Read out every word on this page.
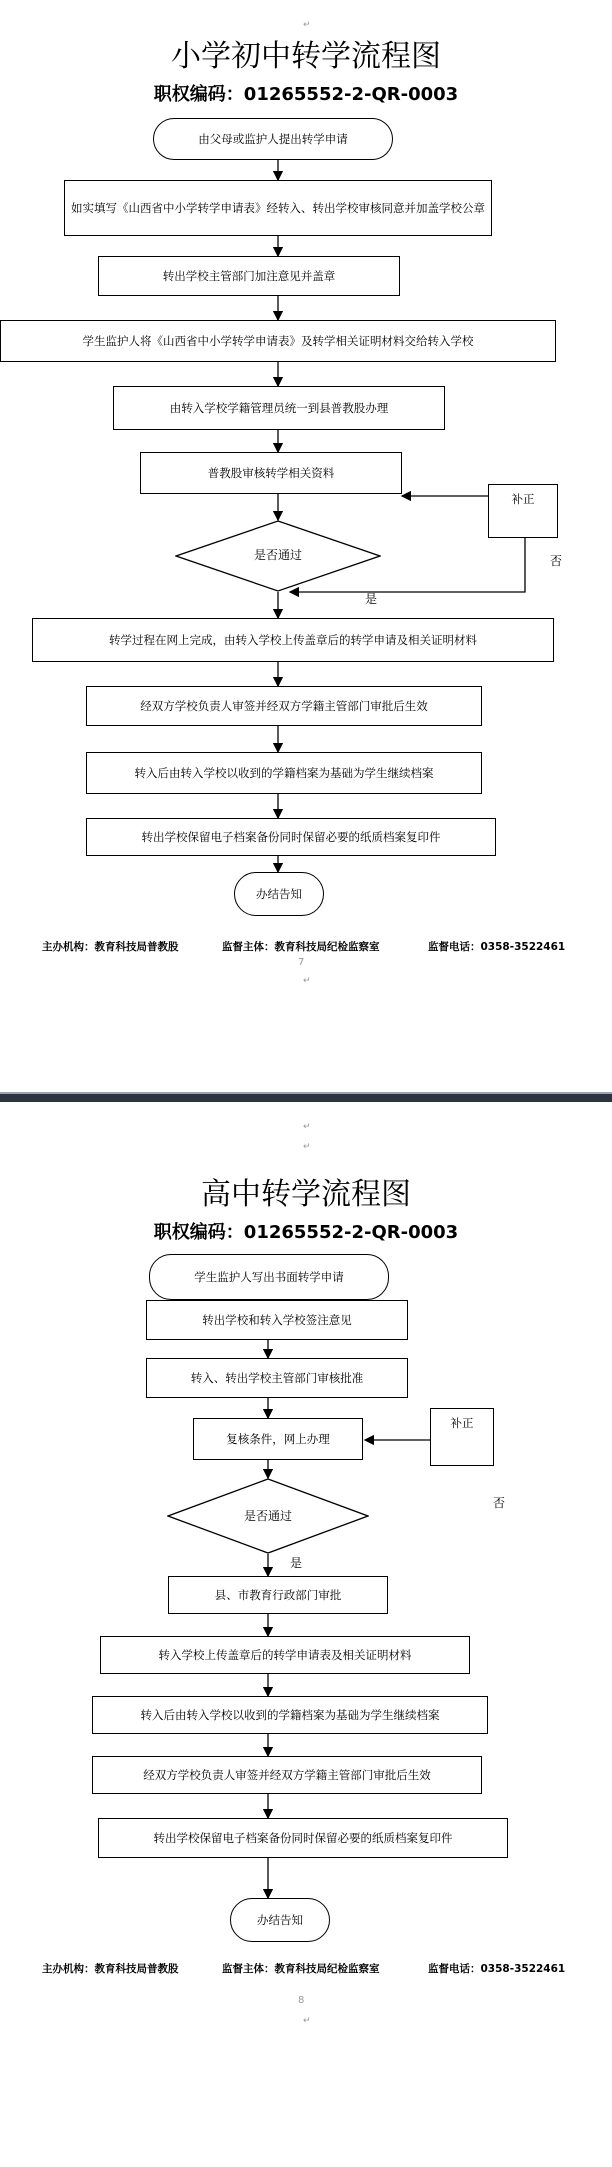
↵
小学初中转学流程图
职权编码：01265552-2-QR-0003
由父母或监护人提出转学申请
如实填写《山西省中小学转学申请表》经转入、转出学校审核同意并加盖学校公章
转出学校主管部门加注意见并盖章
学生监护人将《山西省中小学转学申请表》及转学相关证明材料交给转入学校
由转入学校学籍管理员统一到县普教股办理
普教股审核转学相关资料
是否通过
补正
否
是
转学过程在网上完成，由转入学校上传盖章后的转学申请及相关证明材料
经双方学校负责人审签并经双方学籍主管部门审批后生效
转入后由转入学校以收到的学籍档案为基础为学生继续档案
转出学校保留电子档案备份同时保留必要的纸质档案复印件
办结告知
主办机构：教育科技局普教股	监督主体：教育科技局纪检监察室	监督电话：0358-3522461
7
↵
↵
↵
高中转学流程图
职权编码：01265552-2-QR-0003
学生监护人写出书面转学申请
转出学校和转入学校签注意见
转入、转出学校主管部门审核批准
复核条件，网上办理
补正
否
是否通过
是
县、市教育行政部门审批
转入学校上传盖章后的转学申请表及相关证明材料
转入后由转入学校以收到的学籍档案为基础为学生继续档案
经双方学校负责人审签并经双方学籍主管部门审批后生效
转出学校保留电子档案备份同时保留必要的纸质档案复印件
办结告知
主办机构：教育科技局普教股	监督主体：教育科技局纪检监察室	监督电话：0358-3522461
8
↵
